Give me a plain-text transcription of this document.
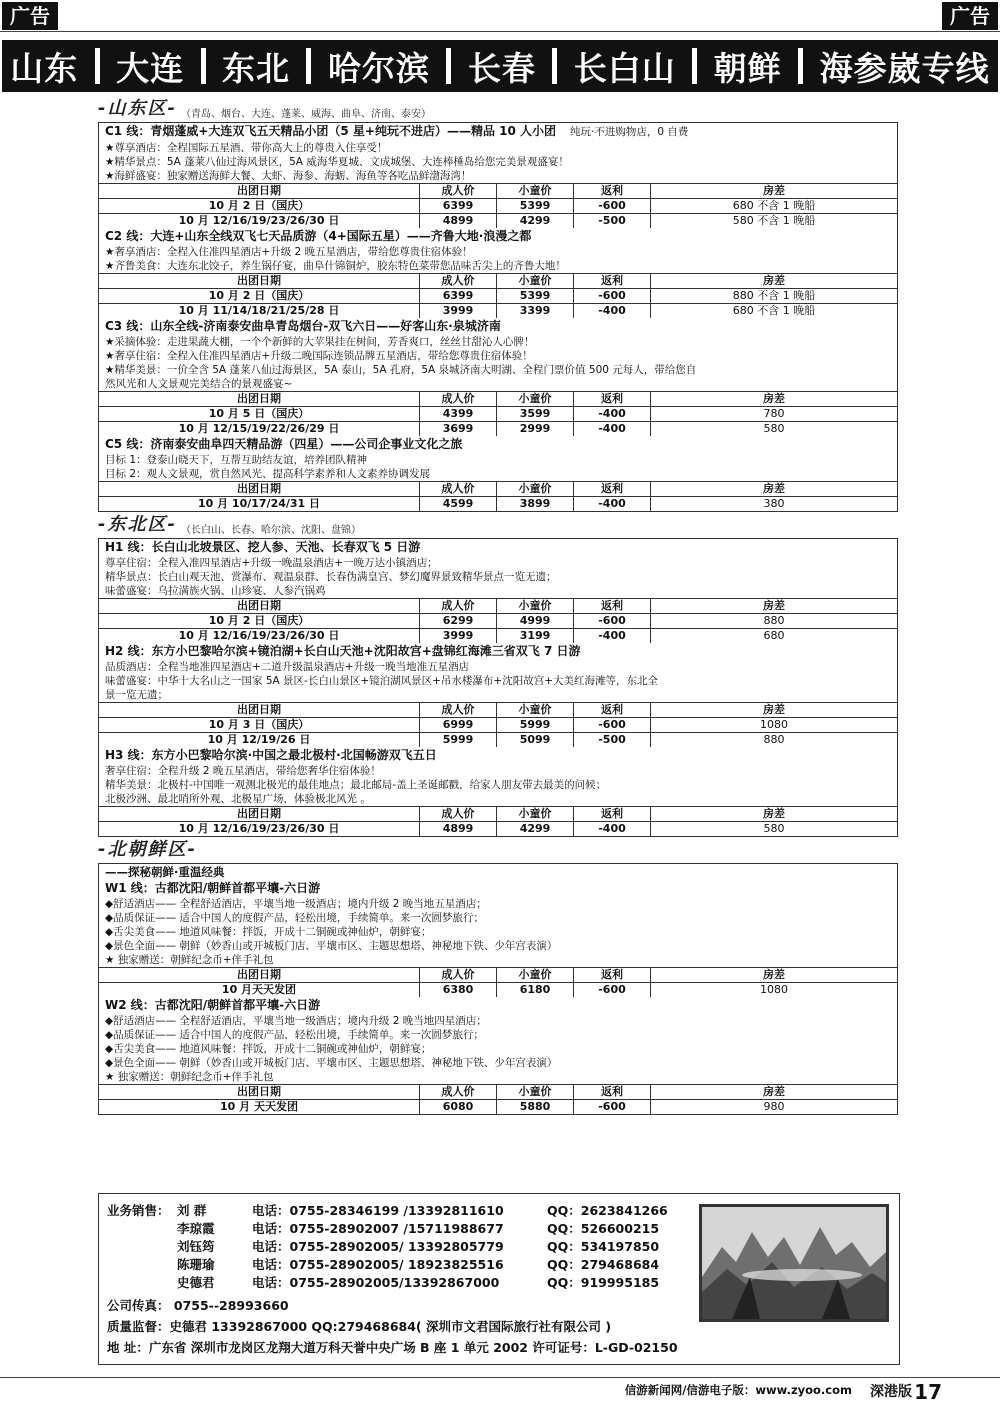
广告	广告
山东 大连 东北 哈尔滨 长春 长白山 朝鲜 海参崴专线
-山东区- （青岛、烟台、大连、蓬莱、威海、曲阜、济南、泰安）
C1 线：青烟蓬威+大连双飞五天精品小团（5 星+纯玩不进店）——精品 10 人小团 纯玩·不进购物店，0 自费
★尊享酒店：全程国际五星酒、带你高大上的尊贵入住享受！
★精华景点：5A 蓬莱八仙过海风景区，5A 威海华夏城、文成城堡、大连棒棰岛给您完美景观盛宴！
★海鲜盛宴：独家赠送海鲜大餐、大虾、海参、海蛎、海鱼等各吃品鲜渤海湾！
出团日期	成人价	小童价	返利	房差
10 月 2 日（国庆）	6399	5399	-600	680 不含 1 晚船
10 月 12/16/19/23/26/30 日	4899	4299	-500	580 不含 1 晚船
C2 线：大连+山东全线双飞七天品质游（4+国际五星）——齐鲁大地·浪漫之都
★奢享酒店：全程入住准四星酒店+升级 2 晚五星酒店，带给您尊贵住宿体验！
★齐鲁美食：大连东北饺子，养生锅仔宴，曲阜什锦铜炉，胶东特色菜带您品味舌尖上的齐鲁大地！
出团日期	成人价	小童价	返利	房差
10 月 2 日（国庆）	6399	5399	-600	880 不含 1 晚船
10 月 11/14/18/21/25/28 日	3999	3399	-400	680 不含 1 晚船
C3 线：山东全线-济南泰安曲阜青岛烟台-双飞六日——好客山东·泉城济南
★采摘体验：走进果蔬大棚，一个个新鲜的大苹果挂在树间，芳香爽口，丝丝甘甜沁人心脾！
★奢享住宿：全程入住准四星酒店+升级二晚国际连锁品牌五星酒店，带给您尊贵住宿体验！
★精华美景：一价全含 5A 蓬莱八仙过海景区，5A 泰山，5A 孔府，5A 泉城济南大明湖、全程门票价值 500 元每人，带给您自
然风光和人文景观完美结合的景观盛宴~
出团日期	成人价	小童价	返利	房差
10 月 5 日（国庆）	4399	3599	-400	780
10 月 12/15/19/22/26/29 日	3699	2999	-400	580
C5 线：济南泰安曲阜四天精品游（四星）——公司企事业文化之旅
目标 1：登泰山晓天下，互帮互助结友谊，培养团队精神
目标 2：观人文景观，赏自然风光、提高科学素养和人文素养协调发展
出团日期	成人价	小童价	返利	房差
10 月 10/17/24/31 日	4599	3899	-400	380
-东北区- （长白山、长春、哈尔滨、沈阳、盘锦）
H1 线：长白山北坡景区、挖人参、天池、长春双飞 5 日游
尊享住宿：全程入准四星酒店+升级一晚温泉酒店+一晚万达小镇酒店；
精华景点：长白山观天池、赏瀑布、观温泉群、长春伪满皇宫、梦幻魔界景致精华景点一览无遗；
味蕾盛宴：乌拉满族火锅、山珍宴、人参汽锅鸡
出团日期	成人价	小童价	返利	房差
10 月 2 日（国庆）	6299	4999	-600	880
10 月 12/16/19/23/26/30 日	3999	3199	-400	680
H2 线：东方小巴黎哈尔滨+镜泊湖+长白山天池+沈阳故宫+盘锦红海滩三省双飞 7 日游
品质酒店：全程当地准四星酒店+二道升级温泉酒店+升级一晚当地准五星酒店
味蕾盛宴：中华十大名山之一国家 5A 景区-长白山景区+镜泊湖风景区+吊水楼瀑布+沈阳故宫+大美红海滩等，东北全
景一览无遗；
出团日期	成人价	小童价	返利	房差
10 月 3 日（国庆）	6999	5999	-600	1080
10 月 12/19/26 日	5999	5099	-500	880
H3 线：东方小巴黎哈尔滨·中国之最北极村·北国畅游双飞五日
奢享住宿：全程升级 2 晚五星酒店，带给您奢华住宿体验！
精华美景：北极村-中国唯一观测北极光的最佳地点；最北邮局-盖上圣诞邮戳，给家人朋友带去最美的问候；
北极沙洲、最北哨所外观、北极星广场，体验极北风光 。
出团日期	成人价	小童价	返利	房差
10 月 12/16/19/23/26/30 日	4899	4299	-400	580
-北朝鲜区-
——探秘朝鲜·重温经典
W1 线：古都沈阳/朝鲜首都平壤-六日游
◆舒适酒店—— 全程舒适酒店，平壤当地一级酒店；境内升级 2 晚当地五星酒店；
◆品质保证—— 适合中国人的度假产品，轻松出境，手续简单。来一次圆梦旅行；
◆舌尖美食—— 地道风味餐：拌饭，开成十二铜碗或神仙炉，朝鲜宴；
◆景色全面—— 朝鲜（妙香山或开城板门店、平壤市区、主题思想塔、神秘地下铁、少年宫表演）
★ 独家赠送：朝鲜纪念币+伴手礼包
出团日期	成人价	小童价	返利	房差
10 月天天发团	6380	6180	-600	1080
W2 线：古都沈阳/朝鲜首都平壤-六日游
◆舒适酒店—— 全程舒适酒店，平壤当地一级酒店；境内升级 2 晚当地四星酒店；
◆品质保证—— 适合中国人的度假产品，轻松出境，手续简单。来一次圆梦旅行；
◆舌尖美食—— 地道风味餐：拌饭，开成十二铜碗或神仙炉，朝鲜宴；
◆景色全面—— 朝鲜（妙香山或开城板门店、平壤市区、主题思想塔、神秘地下铁、少年宫表演）
★ 独家赠送：朝鲜纪念币+伴手礼包
出团日期	成人价	小童价	返利	房差
10 月 天天发团	6080	5880	-600	980
业务销售： 刘 群	电话：0755-28346199 /13392811610	QQ：2623841266
李琼霞	电话：0755-28902007 /15711988677	QQ：526600215
刘钰筠	电话：0755-28902005/ 13392805779	QQ：534197850
陈珊瑜	电话：0755-28902005/ 18923825516	QQ：279468684
史德君	电话：0755-28902005/13392867000	QQ：919995185
公司传真： 0755--28993660
质量监督：史德君 13392867000 QQ:279468684( 深圳市文君国际旅行社有限公司 )
地 址：广东省 深圳市龙岗区龙翔大道万科天誉中央广场 B 座 1 单元 2002 许可证号：L-GD-02150
信游新闻网/信游电子版：www.zyoo.com 深港版 17
